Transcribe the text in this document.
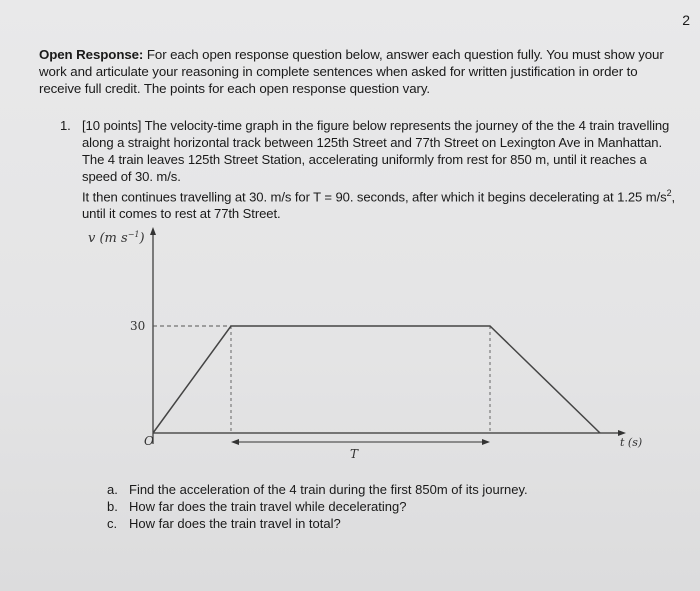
2
Open Response: For each open response question below, answer each question fully. You must show your work and articulate your reasoning in complete sentences when asked for written justification in order to receive full credit. The points for each open response question vary.
1. [10 points] The velocity-time graph in the figure below represents the journey of the the 4 train travelling along a straight horizontal track between 125th Street and 77th Street on Lexington Ave in Manhattan. The 4 train leaves 125th Street Station, accelerating uniformly from rest for 850 m, until it reaches a speed of 30. m/s.
It then continues travelling at 30. m/s for T = 90. seconds, after which it begins decelerating at 1.25 $m/s^2$, until it comes to rest at 77th Street.
v (m $s^{-1}$)
30
O	t (s)
T
a. Find the acceleration of the 4 train during the first 850m of its journey.
b. How far does the train travel while decelerating?
c. How far does the train travel in total?
